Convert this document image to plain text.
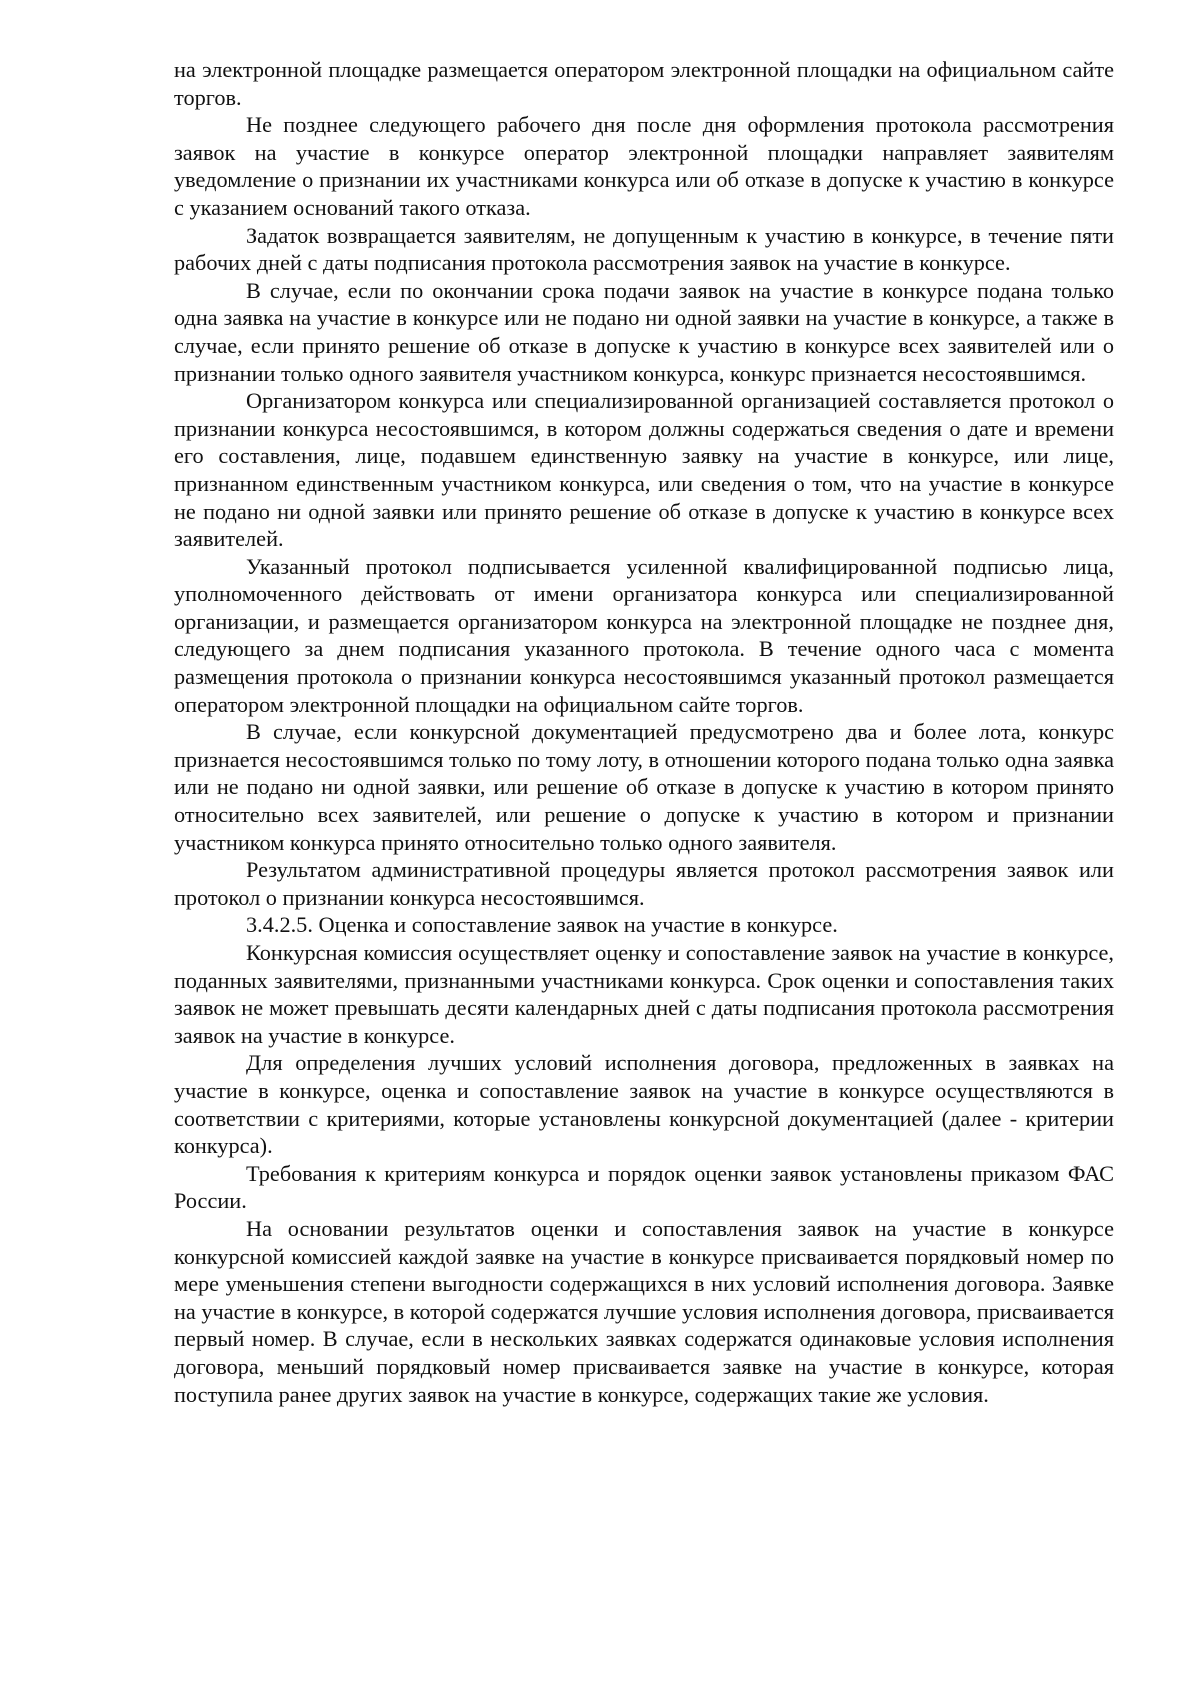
на электронной площадке размещается оператором электронной площадки на официальном сайте торгов.

Не позднее следующего рабочего дня после дня оформления протокола рассмотрения заявок на участие в конкурсе оператор электронной площадки направляет заявителям уведомление о признании их участниками конкурса или об отказе в допуске к участию в конкурсе с указанием оснований такого отказа.

Задаток возвращается заявителям, не допущенным к участию в конкурсе, в течение пяти рабочих дней с даты подписания протокола рассмотрения заявок на участие в конкурсе.

В случае, если по окончании срока подачи заявок на участие в конкурсе подана только одна заявка на участие в конкурсе или не подано ни одной заявки на участие в конкурсе, а также в случае, если принято решение об отказе в допуске к участию в конкурсе всех заявителей или о признании только одного заявителя участником конкурса, конкурс признается несостоявшимся.

Организатором конкурса или специализированной организацией составляется протокол о признании конкурса несостоявшимся, в котором должны содержаться сведения о дате и времени его составления, лице, подавшем единственную заявку на участие в конкурсе, или лице, признанном единственным участником конкурса, или сведения о том, что на участие в конкурсе не подано ни одной заявки или принято решение об отказе в допуске к участию в конкурсе всех заявителей.

Указанный протокол подписывается усиленной квалифицированной подписью лица, уполномоченного действовать от имени организатора конкурса или специализированной организации, и размещается организатором конкурса на электронной площадке не позднее дня, следующего за днем подписания указанного протокола. В течение одного часа с момента размещения протокола о признании конкурса несостоявшимся указанный протокол размещается оператором электронной площадки на официальном сайте торгов.

В случае, если конкурсной документацией предусмотрено два и более лота, конкурс признается несостоявшимся только по тому лоту, в отношении которого подана только одна заявка или не подано ни одной заявки, или решение об отказе в допуске к участию в котором принято относительно всех заявителей, или решение о допуске к участию в котором и признании участником конкурса принято относительно только одного заявителя.

Результатом административной процедуры является протокол рассмотрения заявок или протокол о признании конкурса несостоявшимся.

3.4.2.5. Оценка и сопоставление заявок на участие в конкурсе.

Конкурсная комиссия осуществляет оценку и сопоставление заявок на участие в конкурсе, поданных заявителями, признанными участниками конкурса. Срок оценки и сопоставления таких заявок не может превышать десяти календарных дней с даты подписания протокола рассмотрения заявок на участие в конкурсе.

Для определения лучших условий исполнения договора, предложенных в заявках на участие в конкурсе, оценка и сопоставление заявок на участие в конкурсе осуществляются в соответствии с критериями, которые установлены конкурсной документацией (далее - критерии конкурса).

Требования к критериям конкурса и порядок оценки заявок установлены приказом ФАС России.

На основании результатов оценки и сопоставления заявок на участие в конкурсе конкурсной комиссией каждой заявке на участие в конкурсе присваивается порядковый номер по мере уменьшения степени выгодности содержащихся в них условий исполнения договора. Заявке на участие в конкурсе, в которой содержатся лучшие условия исполнения договора, присваивается первый номер. В случае, если в нескольких заявках содержатся одинаковые условия исполнения договора, меньший порядковый номер присваивается заявке на участие в конкурсе, которая поступила ранее других заявок на участие в конкурсе, содержащих такие же условия.
